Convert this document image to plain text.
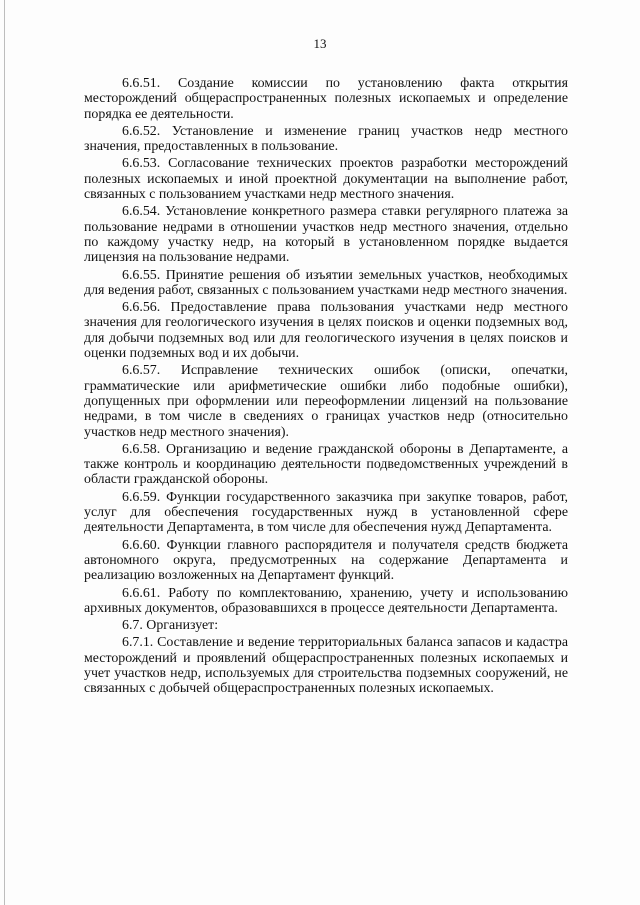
13

6.6.51. Создание комиссии по установлению факта открытия месторождений общераспространенных полезных ископаемых и определение порядка ее деятельности.

6.6.52. Установление и изменение границ участков недр местного значения, предоставленных в пользование.

6.6.53. Согласование технических проектов разработки месторождений полезных ископаемых и иной проектной документации на выполнение работ, связанных с пользованием участками недр местного значения.

6.6.54. Установление конкретного размера ставки регулярного платежа за пользование недрами в отношении участков недр местного значения, отдельно по каждому участку недр, на который в установленном порядке выдается лицензия на пользование недрами.

6.6.55. Принятие решения об изъятии земельных участков, необходимых для ведения работ, связанных с пользованием участками недр местного значения.

6.6.56. Предоставление права пользования участками недр местного значения для геологического изучения в целях поисков и оценки подземных вод, для добычи подземных вод или для геологического изучения в целях поисков и оценки подземных вод и их добычи.

6.6.57. Исправление технических ошибок (описки, опечатки, грамматические или арифметические ошибки либо подобные ошибки), допущенных при оформлении или переоформлении лицензий на пользование недрами, в том числе в сведениях о границах участков недр (относительно участков недр местного значения).

6.6.58. Организацию и ведение гражданской обороны в Департаменте, а также контроль и координацию деятельности подведомственных учреждений в области гражданской обороны.

6.6.59. Функции государственного заказчика при закупке товаров, работ, услуг для обеспечения государственных нужд в установленной сфере деятельности Департамента, в том числе для обеспечения нужд Департамента.

6.6.60. Функции главного распорядителя и получателя средств бюджета автономного округа, предусмотренных на содержание Департамента и реализацию возложенных на Департамент функций.

6.6.61. Работу по комплектованию, хранению, учету и использованию архивных документов, образовавшихся в процессе деятельности Департамента.

6.7. Организует:

6.7.1. Составление и ведение территориальных баланса запасов и кадастра месторождений и проявлений общераспространенных полезных ископаемых и учет участков недр, используемых для строительства подземных сооружений, не связанных с добычей общераспространенных полезных ископаемых.
